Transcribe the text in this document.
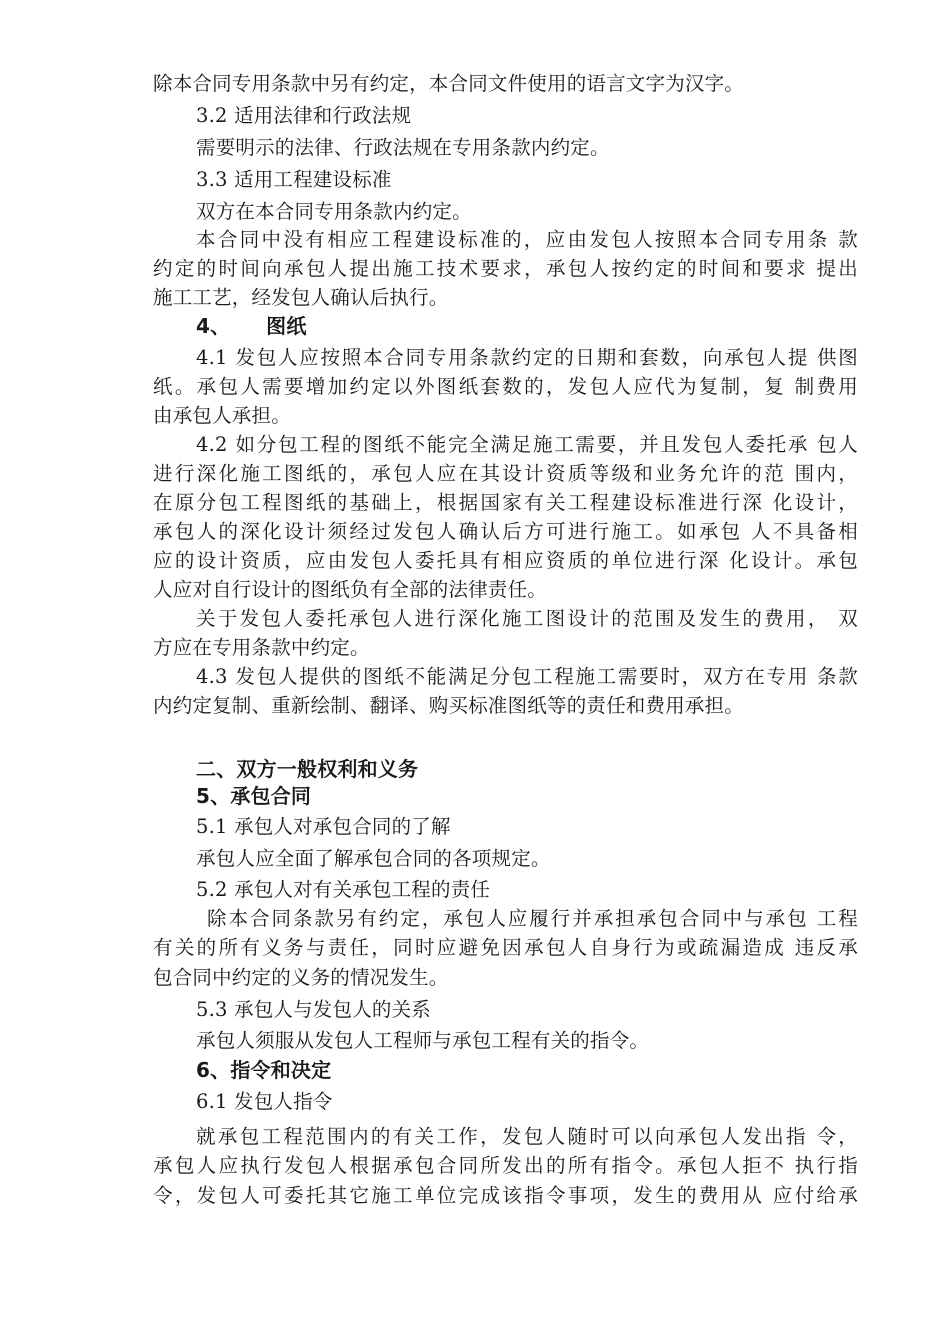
除本合同专用条款中另有约定，本合同文件使用的语言文字为汉字。
3.2 适用法律和行政法规
需要明示的法律、行政法规在专用条款内约定。
3.3 适用工程建设标准
双方在本合同专用条款内约定。
本合同中没有相应工程建设标准的，应由发包人按照本合同专用条 款
约定的时间向承包人提出施工技术要求，承包人按约定的时间和要求 提出
施工工艺，经发包人确认后执行。
4、     图纸
4.1 发包人应按照本合同专用条款约定的日期和套数，向承包人提 供图
纸。承包人需要增加约定以外图纸套数的，发包人应代为复制，复 制费用
由承包人承担。
4.2 如分包工程的图纸不能完全满足施工需要，并且发包人委托承 包人
进行深化施工图纸的，承包人应在其设计资质等级和业务允许的范 围内，
在原分包工程图纸的基础上，根据国家有关工程建设标准进行深 化设计，
承包人的深化设计须经过发包人确认后方可进行施工。如承包 人不具备相
应的设计资质，应由发包人委托具有相应资质的单位进行深 化设计。承包
人应对自行设计的图纸负有全部的法律责任。
关于发包人委托承包人进行深化施工图设计的范围及发生的费用， 双
方应在专用条款中约定。
4.3 发包人提供的图纸不能满足分包工程施工需要时，双方在专用 条款
内约定复制、重新绘制、翻译、购买标准图纸等的责任和费用承担。
二、双方一般权利和义务
5、承包合同
5.1 承包人对承包合同的了解
承包人应全面了解承包合同的各项规定。
5.2 承包人对有关承包工程的责任
除本合同条款另有约定，承包人应履行并承担承包合同中与承包 工程
有关的所有义务与责任，同时应避免因承包人自身行为或疏漏造成 违反承
包合同中约定的义务的情况发生。
5.3 承包人与发包人的关系
承包人须服从发包人工程师与承包工程有关的指令。
6、指令和决定
6.1 发包人指令
就承包工程范围内的有关工作，发包人随时可以向承包人发出指 令，
承包人应执行发包人根据承包合同所发出的所有指令。承包人拒不 执行指
令，发包人可委托其它施工单位完成该指令事项，发生的费用从 应付给承
